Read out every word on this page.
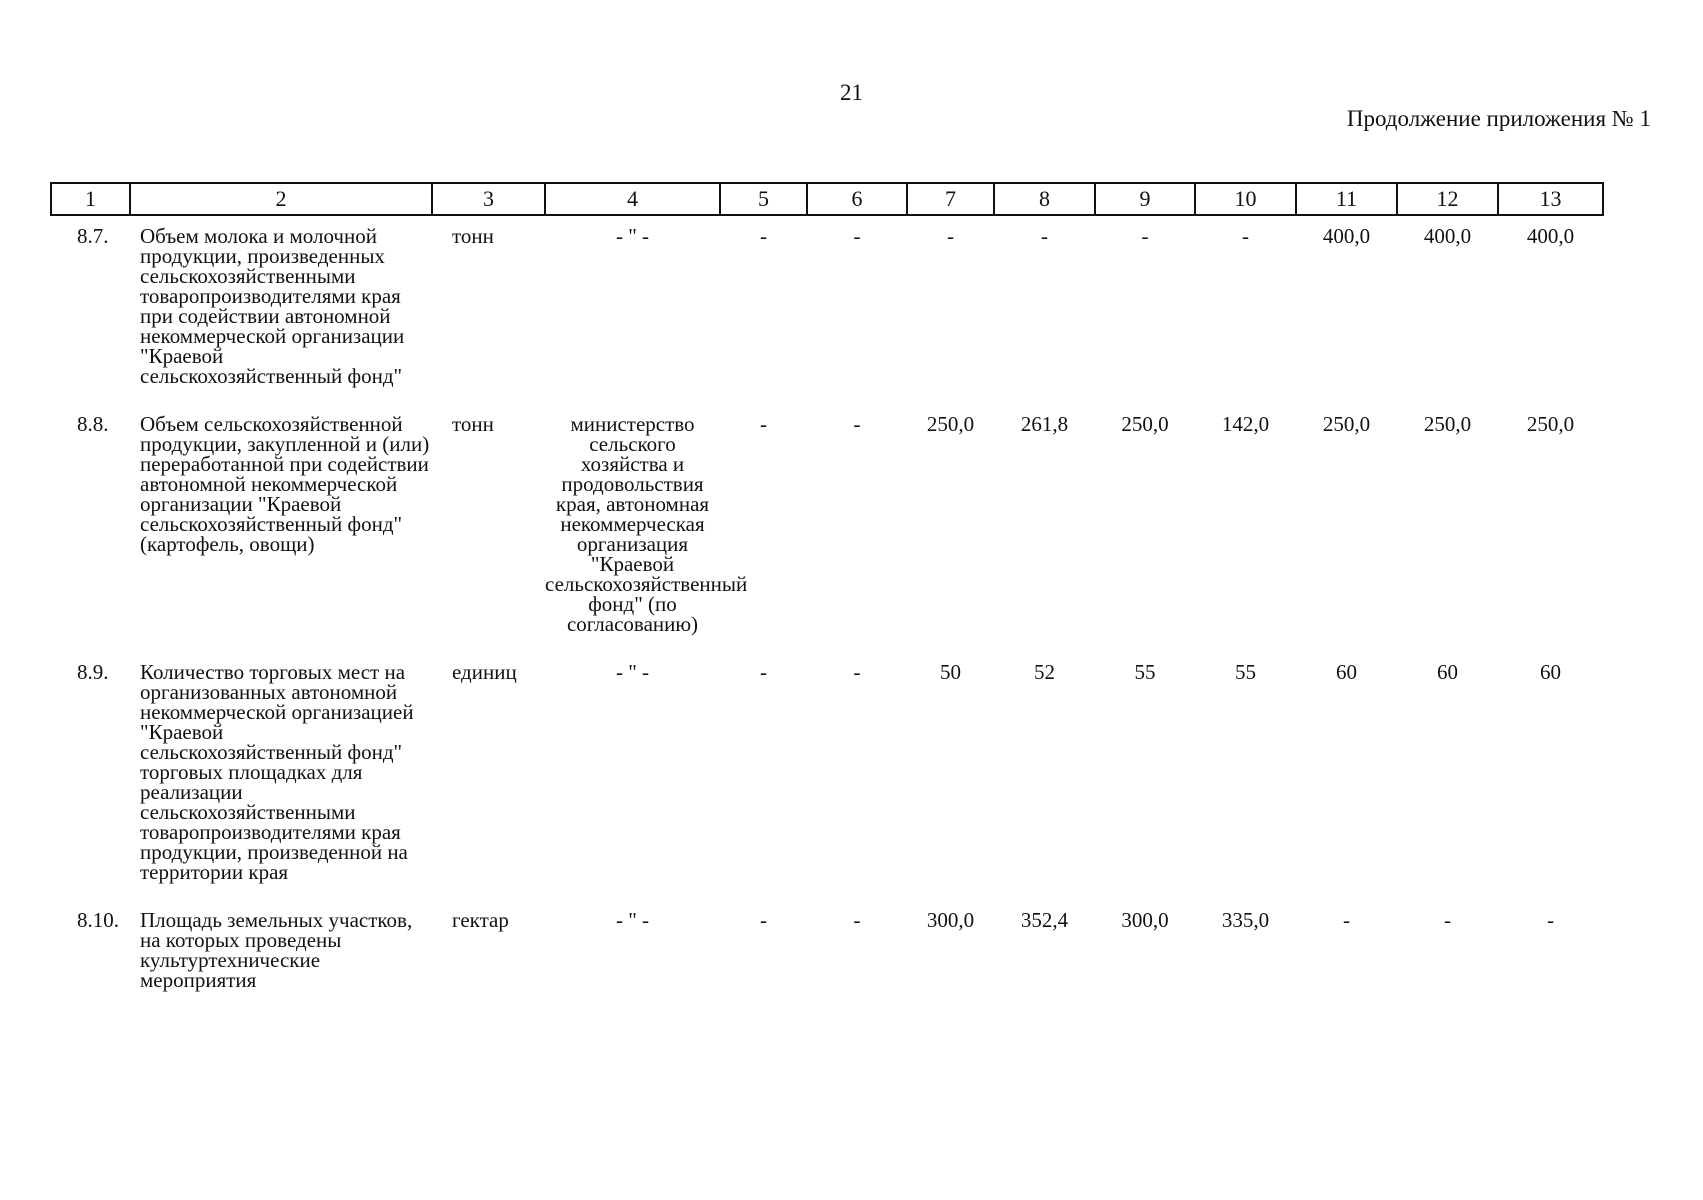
21
Продолжение приложения № 1
1	2	3	4	5	6	7	8	9	10	11	12	13
8.7.	Объем молока и молочной продукции, произведенных сельскохозяйственными товаропроизводителями края при содействии автономной некоммерческой организации "Краевой сельскохозяйственный фонд"	тонн	- " -	-	-	-	-	-	-	400,0	400,0	400,0
8.8.	Объем сельскохозяйственной продукции, закупленной и (или) переработанной при содействии автономной некоммерческой организации "Краевой сельскохозяйственный фонд" (картофель, овощи)	тонн	министерство сельского хозяйства и продовольствия края, автономная некоммерческая организация "Краевой сельскохозяйственный фонд" (по согласованию)	-	-	250,0	261,8	250,0	142,0	250,0	250,0	250,0
8.9.	Количество торговых мест на организованных автономной некоммерческой организацией "Краевой сельскохозяйственный фонд" торговых площадках для реализации сельскохозяйственными товаропроизводителями края продукции, произведенной на территории края	единиц	- " -	-	-	50	52	55	55	60	60	60
8.10.	Площадь земельных участков, на которых проведены культуртехнические мероприятия	гектар	- " -	-	-	300,0	352,4	300,0	335,0	-	-	-
